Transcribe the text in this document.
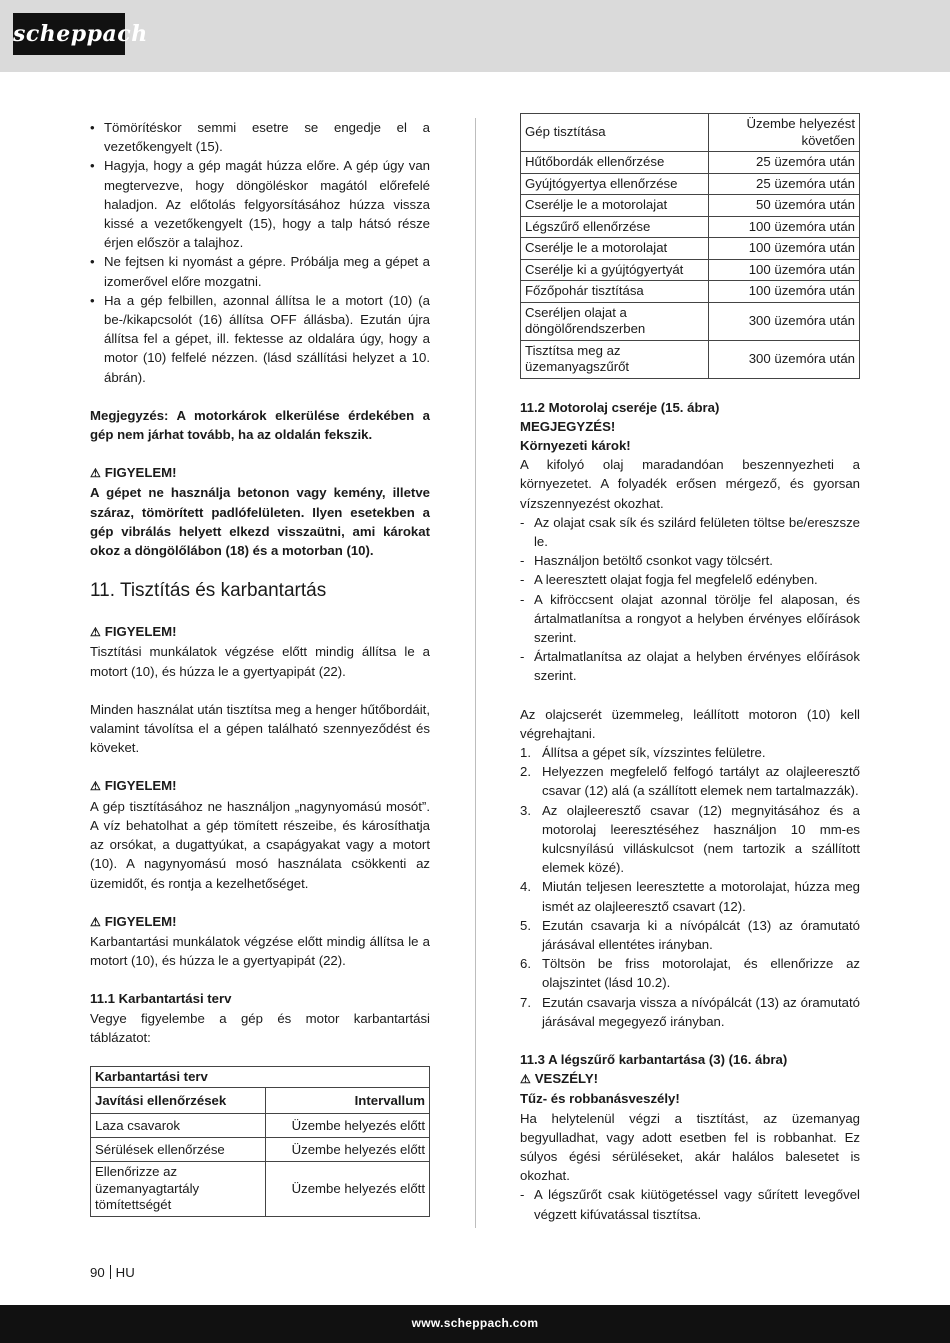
scheppach
• Tömörítéskor semmi esetre se engedje el a vezetőkengyelt (15).
• Hagyja, hogy a gép magát húzza előre. A gép úgy van megtervezve, hogy döngöléskor magától előrefelé haladjon. Az előtolás felgyorsításához húzza vissza kissé a vezetőkengyelt (15), hogy a talp hátsó része érjen először a talajhoz.
• Ne fejtsen ki nyomást a gépre. Próbálja meg a gépet a izomerővel előre mozgatni.
• Ha a gép felbillen, azonnal állítsa le a motort (10) (a be-/kikapcsolót (16) állítsa OFF állásba). Ezután újra állítsa fel a gépet, ill. fektesse az oldalára úgy, hogy a motor (10) felfelé nézzen. (lásd szállítási helyzet a 10. ábrán).

Megjegyzés: A motorkárok elkerülése érdekében a gép nem járhat tovább, ha az oldalán fekszik.

⚠ FIGYELEM!

A gépet ne használja betonon vagy kemény, illetve száraz, tömörített padlófelületen. Ilyen esetekben a gép vibrálás helyett elkezd visszaütni, ami károkat okoz a döngölőlábon (18) és a motorban (10).

11. Tisztítás és karbantartás

⚠ FIGYELEM!

Tisztítási munkálatok végzése előtt mindig állítsa le a motort (10), és húzza le a gyertyapipát (22).

Minden használat után tisztítsa meg a henger hűtőbordáit, valamint távolítsa el a gépen található szennyeződést és köveket.

⚠ FIGYELEM!

A gép tisztításához ne használjon „nagynyomású mosót”. A víz behatolhat a gép tömített részeibe, és károsíthatja az orsókat, a dugattyúkat, a csapágyakat vagy a motort (10). A nagynyomású mosó használata csökkenti az üzemidőt, és rontja a kezelhetőséget.

⚠ FIGYELEM!

Karbantartási munkálatok végzése előtt mindig állítsa le a motort (10), és húzza le a gyertyapipát (22).

11.1 Karbantartási terv

Vegye figyelembe a gép és motor karbantartási táblázatot:

Karbantartási terv	
Javítási ellenőrzések	Intervallum
Laza csavarok	Üzembe helyezés előtt
Sérülések ellenőrzése	Üzembe helyezés előtt
Ellenőrizze az üzemanyagtartály tömítettségét	Üzembe helyezés előtt
Gép tisztítása	Üzembe helyezést követően
Hűtőbordák ellenőrzése	25 üzemóra után
Gyújtógyertya ellenőrzése	25 üzemóra után
Cserélje le a motorolajat	50 üzemóra után
Légszűrő ellenőrzése	100 üzemóra után
Cserélje le a motorolajat	100 üzemóra után
Cserélje ki a gyújtógyertyát	100 üzemóra után
Főzőpohár tisztítása	100 üzemóra után
Cseréljen olajat a döngölőrendszerben	300 üzemóra után
Tisztítsa meg az üzemanyagszűrőt	300 üzemóra után

11.2 Motorolaj cseréje (15. ábra)

MEGJEGYZÉS!

Környezeti károk!

A kifolyó olaj maradandóan beszennyezheti a környezetet. A folyadék erősen mérgező, és gyorsan vízszennyezést okozhat.

- Az olajat csak sík és szilárd felületen töltse be/ereszsze le.
- Használjon betöltő csonkot vagy tölcsért.
- A leeresztett olajat fogja fel megfelelő edényben.
- A kifröccsent olajat azonnal törölje fel alaposan, és ártalmatlanítsa a rongyot a helyben érvényes előírások szerint.
- Ártalmatlanítsa az olajat a helyben érvényes előírások szerint.

Az olajcserét üzemmeleg, leállított motoron (10) kell végrehajtani.

1. Állítsa a gépet sík, vízszintes felületre.
2. Helyezzen megfelelő felfogó tartályt az olajleeresztő csavar (12) alá (a szállított elemek nem tartalmazzák).
3. Az olajleeresztő csavar (12) megnyitásához és a motorolaj leeresztéséhez használjon 10 mm-es kulcsnyílású villáskulcsot (nem tartozik a szállított elemek közé).
4. Miután teljesen leeresztette a motorolajat, húzza meg ismét az olajleeresztő csavart (12).
5. Ezután csavarja ki a nívópálcát (13) az óramutató járásával ellentétes irányban.
6. Töltsön be friss motorolajat, és ellenőrizze az olajszintet (lásd 10.2).
7. Ezután csavarja vissza a nívópálcát (13) az óramutató járásával megegyező irányban.

11.3 A légszűrő karbantartása (3) (16. ábra)

⚠ VESZÉLY!

Tűz- és robbanásveszély!

Ha helytelenül végzi a tisztítást, az üzemanyag begyulladhat, vagy adott esetben fel is robbanhat. Ez súlyos égési sérüléseket, akár halálos balesetet is okozhat.

- A légszűrőt csak kiütögetéssel vagy sűrített levegővel végzett kifúvatással tisztítsa.
90 HU
www.scheppach.com
